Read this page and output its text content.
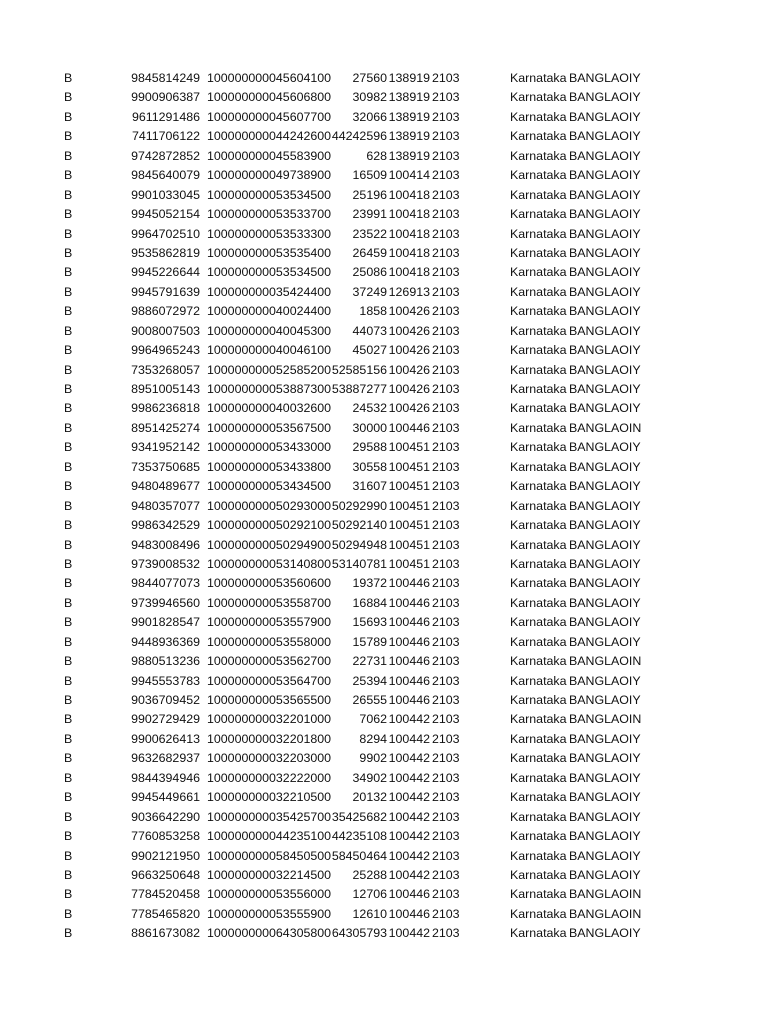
B	9845814249 100000000045604100 27560 138919 2103	Karnataka BANGLAOIY
B	9900906387 100000000045606800 30982 138919 2103	Karnataka BANGLAOIY
B	9611291486 100000000045607700 32066 138919 2103	Karnataka BANGLAOIY
B	7411706122 100000000044242600 44242596 138919 2103	Karnataka BANGLAOIY
B	9742872852 100000000045583900	628 138919 2103	Karnataka BANGLAOIY
B	9845640079 100000000049738900 16509 100414 2103	Karnataka BANGLAOIY
B	9901033045 100000000053534500 25196 100418 2103	Karnataka BANGLAOIY
B	9945052154 100000000053533700 23991 100418 2103	Karnataka BANGLAOIY
B	9964702510 100000000053533300 23522 100418 2103	Karnataka BANGLAOIY
B	9535862819 100000000053535400 26459 100418 2103	Karnataka BANGLAOIY
B	9945226644 100000000053534500 25086 100418 2103	Karnataka BANGLAOIY
B	9945791639 100000000035424400 37249 126913 2103	Karnataka BANGLAOIY
B	9886072972 100000000040024400 1858 100426 2103	Karnataka BANGLAOIY
B	9008007503 100000000040045300 44073 100426 2103	Karnataka BANGLAOIY
B	9964965243 100000000040046100 45027 100426 2103	Karnataka BANGLAOIY
B	7353268057 100000000052585200 52585156 100426 2103	Karnataka BANGLAOIY
B	8951005143 100000000053887300 53887277 100426 2103	Karnataka BANGLAOIY
B	9986236818 100000000040032600 24532 100426 2103	Karnataka BANGLAOIY
B	8951425274 100000000053567500 30000 100446 2103	Karnataka BANGLAOIN
B	9341952142 100000000053433000 29588 100451 2103	Karnataka BANGLAOIY
B	7353750685 100000000053433800 30558 100451 2103	Karnataka BANGLAOIY
B	9480489677 100000000053434500 31607 100451 2103	Karnataka BANGLAOIY
B	9480357077 100000000050293000 50292990 100451 2103	Karnataka BANGLAOIY
B	9986342529 100000000050292100 50292140 100451 2103	Karnataka BANGLAOIY
B	9483008496 100000000050294900 50294948 100451 2103	Karnataka BANGLAOIY
B	9739008532 100000000053140800 53140781 100451 2103	Karnataka BANGLAOIY
B	9844077073 100000000053560600 19372 100446 2103	Karnataka BANGLAOIY
B	9739946560 100000000053558700 16884 100446 2103	Karnataka BANGLAOIY
B	9901828547 100000000053557900 15693 100446 2103	Karnataka BANGLAOIY
B	9448936369 100000000053558000 15789 100446 2103	Karnataka BANGLAOIY
B	9880513236 100000000053562700 22731 100446 2103	Karnataka BANGLAOIN
B	9945553783 100000000053564700 25394 100446 2103	Karnataka BANGLAOIY
B	9036709452 100000000053565500 26555 100446 2103	Karnataka BANGLAOIY
B	9902729429 100000000032201000 7062 100442 2103	Karnataka BANGLAOIN
B	9900626413 100000000032201800 8294 100442 2103	Karnataka BANGLAOIY
B	9632682937 100000000032203000 9902 100442 2103	Karnataka BANGLAOIY
B	9844394946 100000000032222000 34902 100442 2103	Karnataka BANGLAOIY
B	9945449661 100000000032210500 20132 100442 2103	Karnataka BANGLAOIY
B	9036642290 100000000035425700 35425682 100442 2103	Karnataka BANGLAOIY
B	7760853258 100000000044235100 44235108 100442 2103	Karnataka BANGLAOIY
B	9902121950 100000000058450500 58450464 100442 2103	Karnataka BANGLAOIY
B	9663250648 100000000032214500 25288 100442 2103	Karnataka BANGLAOIY
B	7784520458 100000000053556000 12706 100446 2103	Karnataka BANGLAOIN
B	7785465820 100000000053555900 12610 100446 2103	Karnataka BANGLAOIN
B	8861673082 100000000064305800 64305793 100442 2103	Karnataka BANGLAOIY
